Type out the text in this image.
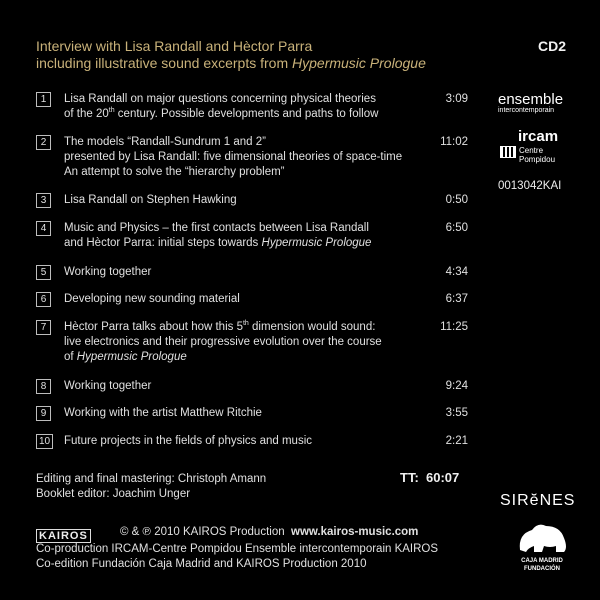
Interview with Lisa Randall and Hèctor Parra
including illustrative sound excerpts from Hypermusic Prologue
CD2
1	Lisa Randall on major questions concerning physical theories
of the 20th century. Possible developments and paths to follow
3:09
2	The models “Randall-Sundrum 1 and 2”
presented by Lisa Randall: five dimensional theories of space-time
An attempt to solve the “hierarchy problem”
11:02
3	Lisa Randall on Stephen Hawking	0:50
4	Music and Physics – the first contacts between Lisa Randall
and Hèctor Parra: initial steps towards Hypermusic Prologue
6:50
5	Working together	4:34
6	Developing new sounding material	6:37
7	Hèctor Parra talks about how this 5th dimension would sound:
live electronics and their progressive evolution over the course
of Hypermusic Prologue
11:25
8	Working together	9:24
9	Working with the artist Matthew Ritchie	3:55
10 Future projects in the fields of physics and music	2:21
Editing and final mastering: Christoph Amann
Booklet editor: Joachim Unger
TT: 60:07
KAIROS	© & ℗ 2010 KAIROS Production www.kairos-music.com
Co-production IRCAM-Centre Pompidou Ensemble intercontemporain KAIROS
Co-edition Fundación Caja Madrid and KAIROS Production 2010
ensemble
intercontemporain
ircam
Centre
Pompidou
0013042KAI
SIRĕNES
CAJA MADRID
FUNDACIÓN
